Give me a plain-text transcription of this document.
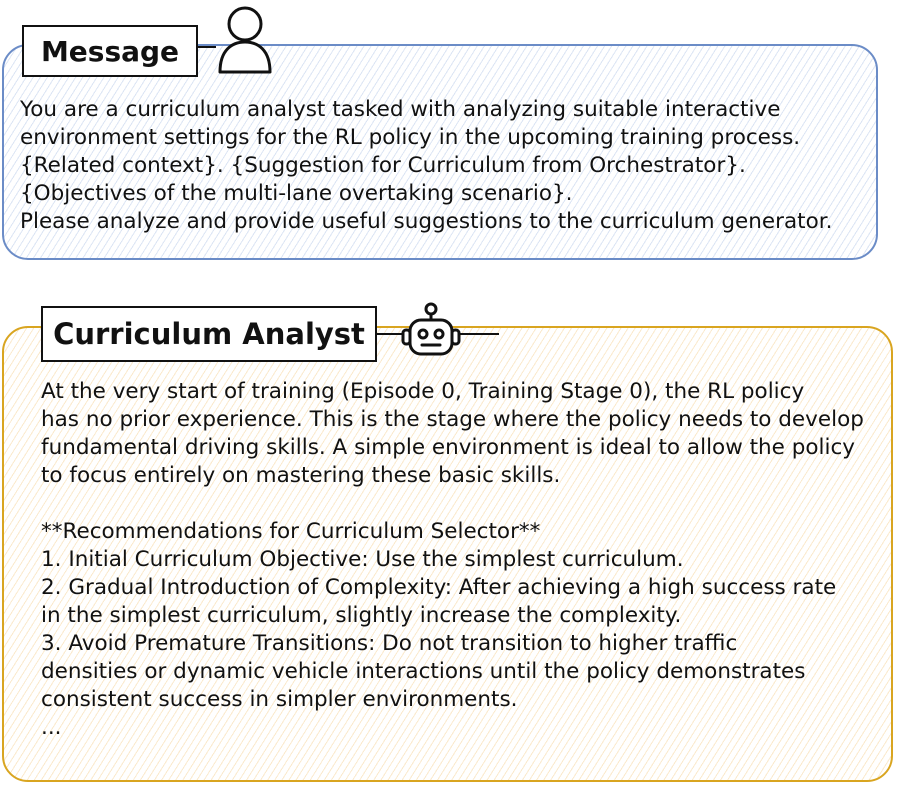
Message

You are a curriculum analyst tasked with analyzing suitable interactive
environment settings for the RL policy in the upcoming training process.
{Related context}. {Suggestion for Curriculum from Orchestrator}.
{Objectives of the multi-lane overtaking scenario}.
Please analyze and provide useful suggestions to the curriculum generator.

Curriculum Analyst

At the very start of training (Episode 0, Training Stage 0), the RL policy
has no prior experience. This is the stage where the policy needs to develop
fundamental driving skills. A simple environment is ideal to allow the policy
to focus entirely on mastering these basic skills.

**Recommendations for Curriculum Selector**
1. Initial Curriculum Objective: Use the simplest curriculum.
2. Gradual Introduction of Complexity: After achieving a high success rate
in the simplest curriculum, slightly increase the complexity.
3. Avoid Premature Transitions: Do not transition to higher traffic
densities or dynamic vehicle interactions until the policy demonstrates
consistent success in simpler environments.
...
